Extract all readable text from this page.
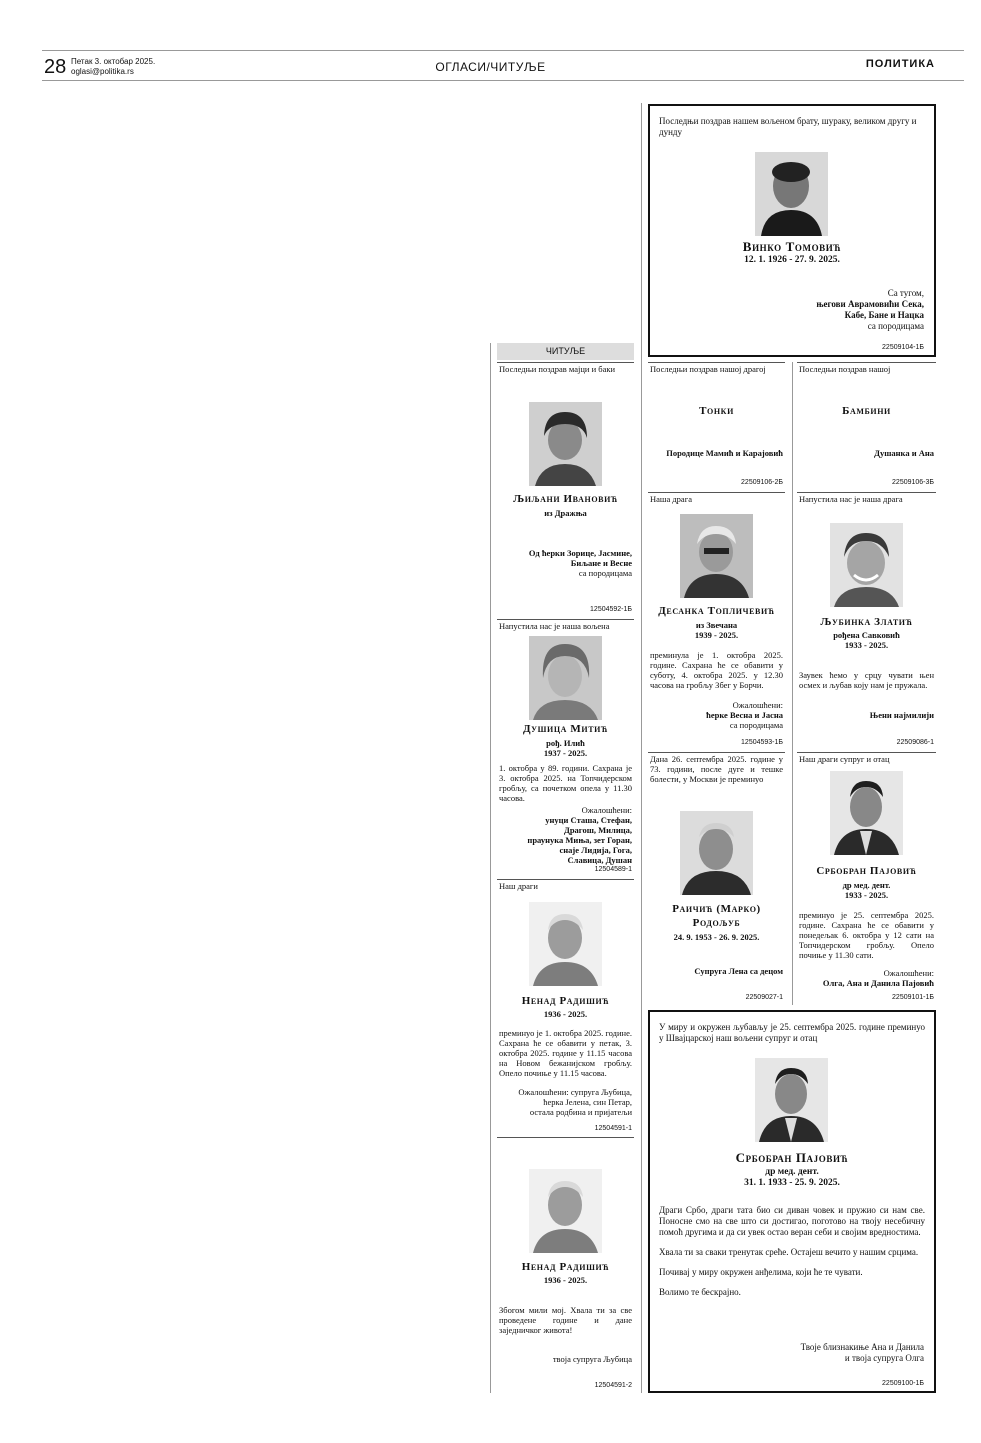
28 Петак 3. октобар 2025.
oglasi@politika.rs	ОГЛАСИ/ЧИТУЉЕ	ПОЛИТИКА
ЧИТУЉЕ
Последњи поздрав нашем вољеном брату, шураку, великом другу и дунду
Винко Томовић
12. 1. 1926 - 27. 9. 2025.
Са тугом,
његови Аврамовићи Сека,
Кабе, Бане и Нацка
са породицама
22509104-1Б
Последњи поздрав мајци и баки
Љиљани Ивановић
из Дражња
Од ћерки Зорице, Јасмине,
Биљане и Весне
са породицама
12504592-1Б
Последњи поздрав нашој драгој
Тонки
Породице Мамић и Карајовић
22509106-2Б
Последњи поздрав нашој
Бамбини
Душанка и Ана
22509106-3Б
Наша драга
Десанка Топличевић
из Звечана
1939 - 2025.
преминула је 1. октобра 2025. године. Сахрана ће се обавити у суботу, 4. октобра 2025. у 12.30 часова на гробљу Збег у Борчи.
Ожалошћени:
ћерке Весна и Јасна
са породицама
12504593-1Б
Напустила нас је наша драга
Љубинка Златић
рођена Савковић
1933 - 2025.
Заувек ћемо у срцу чувати њен осмех и љубав коју нам је пружала.
Њени најмилији
22509086-1
Напустила нас је наша вољена
Душица Митић
рођ. Илић
1937 - 2025.
1. октобра у 89. години. Сахрана је 3. октобра 2025. на Топчидерском гробљу, са почетком опела у 11.30 часова.
Ожалошћени:
унуци Сташа, Стефан,
Драгош, Милица,
праунука Миња, зет Горан,
снаје Лидија, Гога,
Славица, Душан
12504589-1
Дана 26. септембра 2025. године у 73. години, после дуге и тешке болести, у Москви је преминуо
Раичић (Марко)
Родољуб
24. 9. 1953 - 26. 9. 2025.
Супруга Лена са децом
22509027-1
Наш драги супруг и отац
Србобран Пајовић
др мед. дент.
1933 - 2025.
преминуо је 25. септембра 2025. године. Сахрана ће се обавити у понедељак 6. октобра у 12 сати на Топчидерском гробљу. Опело почиње у 11.30 сати.
Ожалошћени:
Олга, Ана и Данила Пајовић
22509101-1Б
Наш драги
Ненад Радишић
1936 - 2025.
преминуо је 1. октобра 2025. године. Сахрана ће се обавити у петак, 3. октобра 2025. године у 11.15 часова на Новом бежанијском гробљу. Опело почиње у 11.15 часова.
Ожалошћени: супруга Љубица,
ћерка Јелена, син Петар,
остала родбина и пријатељи
12504591-1
У миру и окружен љубављу је 25. септембра 2025. године преминуо у Швајцарској наш вољени супруг и отац
Србобран Пајовић
др мед. дент.
31. 1. 1933 - 25. 9. 2025.
Драги Србо, драги тата био си диван човек и пружио си нам све. Поносне смо на све што си достигао, поготово на твоју несебичну помоћ другима и да си увек остао веран себи и својим вредностима.
Хвала ти за сваки тренутак среће. Остајеш вечито у нашим срцима.
Почивај у миру окружен анђелима, који ће те чувати.
Волимо те бескрајно.
Твоје близнакиње Ана и Данила
и твоја супруга Олга
22509100-1Б
Ненад Радишић
1936 - 2025.
Збогом мили мој. Хвала ти за све проведене године и дане заједничког живота!
твоја супруга Љубица
12504591-2
